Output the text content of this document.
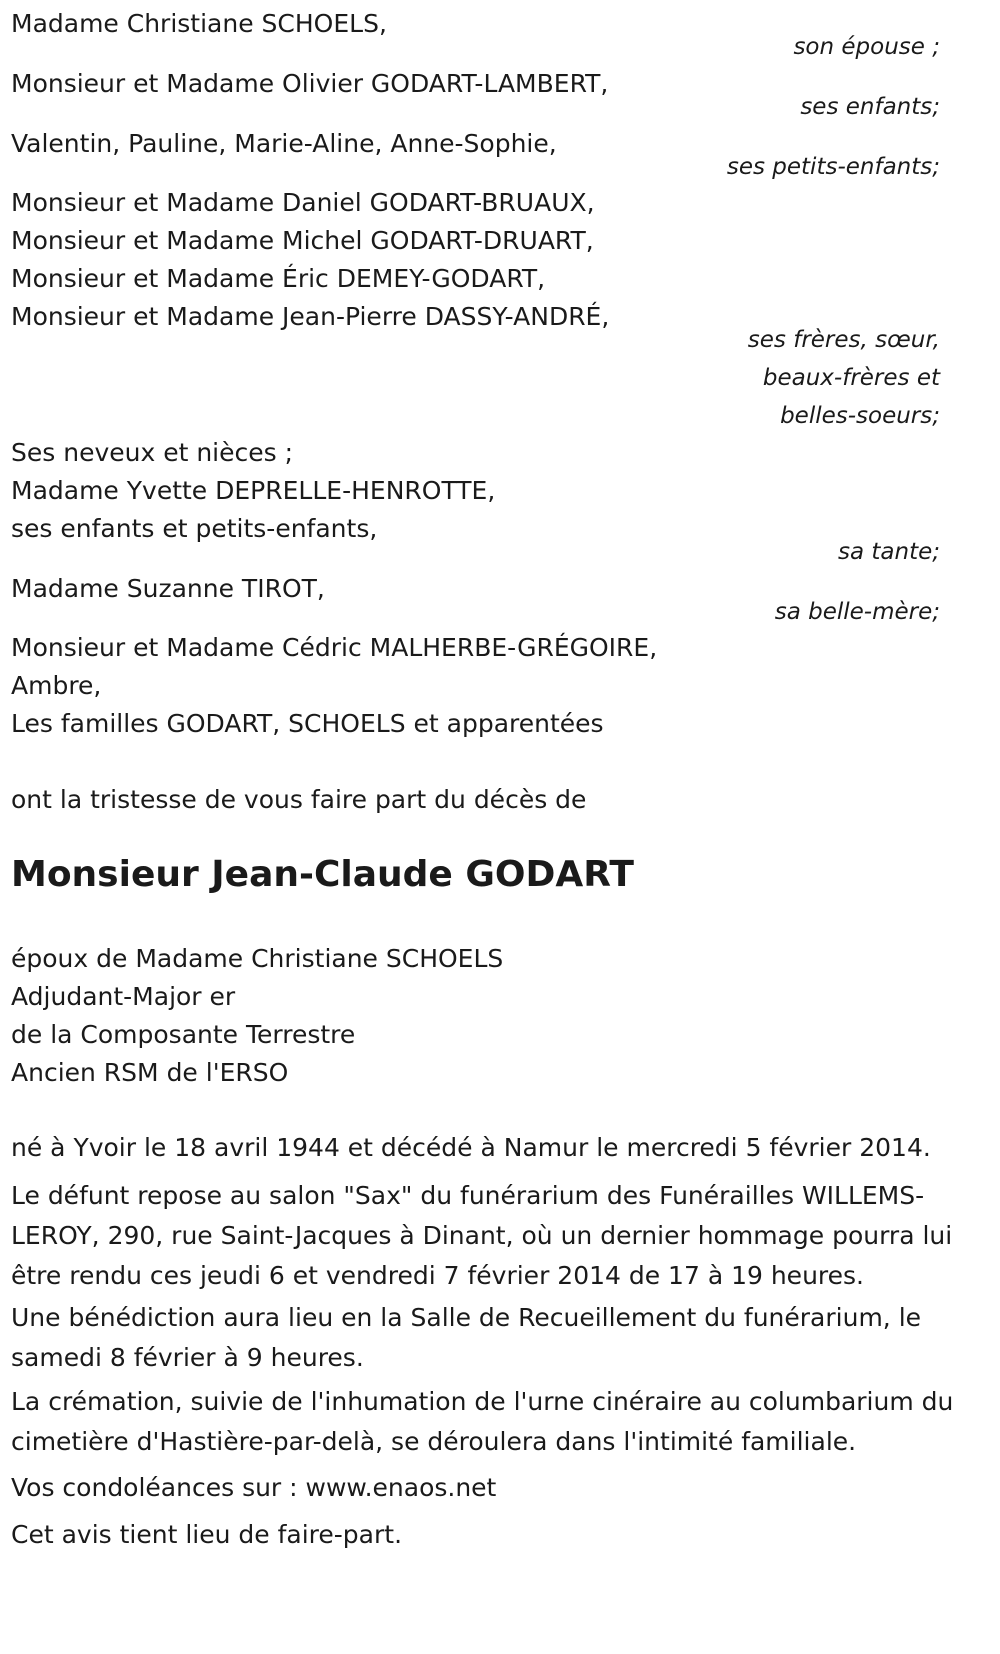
Madame Christiane SCHOELS,
son épouse ;
Monsieur et Madame Olivier GODART-LAMBERT,
ses enfants;
Valentin, Pauline, Marie-Aline, Anne-Sophie,
ses petits-enfants;
Monsieur et Madame Daniel GODART-BRUAUX,
Monsieur et Madame Michel GODART-DRUART,
Monsieur et Madame Éric DEMEY-GODART,
Monsieur et Madame Jean-Pierre DASSY-ANDRÉ,
ses frères, sœur,
beaux-frères et
belles-soeurs;
Ses neveux et nièces ;
Madame Yvette DEPRELLE-HENROTTE,
ses enfants et petits-enfants,
sa tante;
Madame Suzanne TIROT,
sa belle-mère;
Monsieur et Madame Cédric MALHERBE-GRÉGOIRE,
Ambre,
Les familles GODART, SCHOELS et apparentées
ont la tristesse de vous faire part du décès de
Monsieur Jean-Claude GODART
époux de Madame Christiane SCHOELS
Adjudant-Major er
de la Composante Terrestre
Ancien RSM de l'ERSO
né à Yvoir le 18 avril 1944 et décédé à Namur le mercredi 5 février 2014.
Le défunt repose au salon "Sax" du funérarium des Funérailles WILLEMS-LEROY, 290, rue Saint-Jacques à Dinant, où un dernier hommage pourra lui être rendu ces jeudi 6 et vendredi 7 février 2014 de 17 à 19 heures.
Une bénédiction aura lieu en la Salle de Recueillement du funérarium, le samedi 8 février à 9 heures.
La crémation, suivie de l'inhumation de l'urne cinéraire au columbarium du cimetière d'Hastière-par-delà, se déroulera dans l'intimité familiale.
Vos condoléances sur : www.enaos.net
Cet avis tient lieu de faire-part.
